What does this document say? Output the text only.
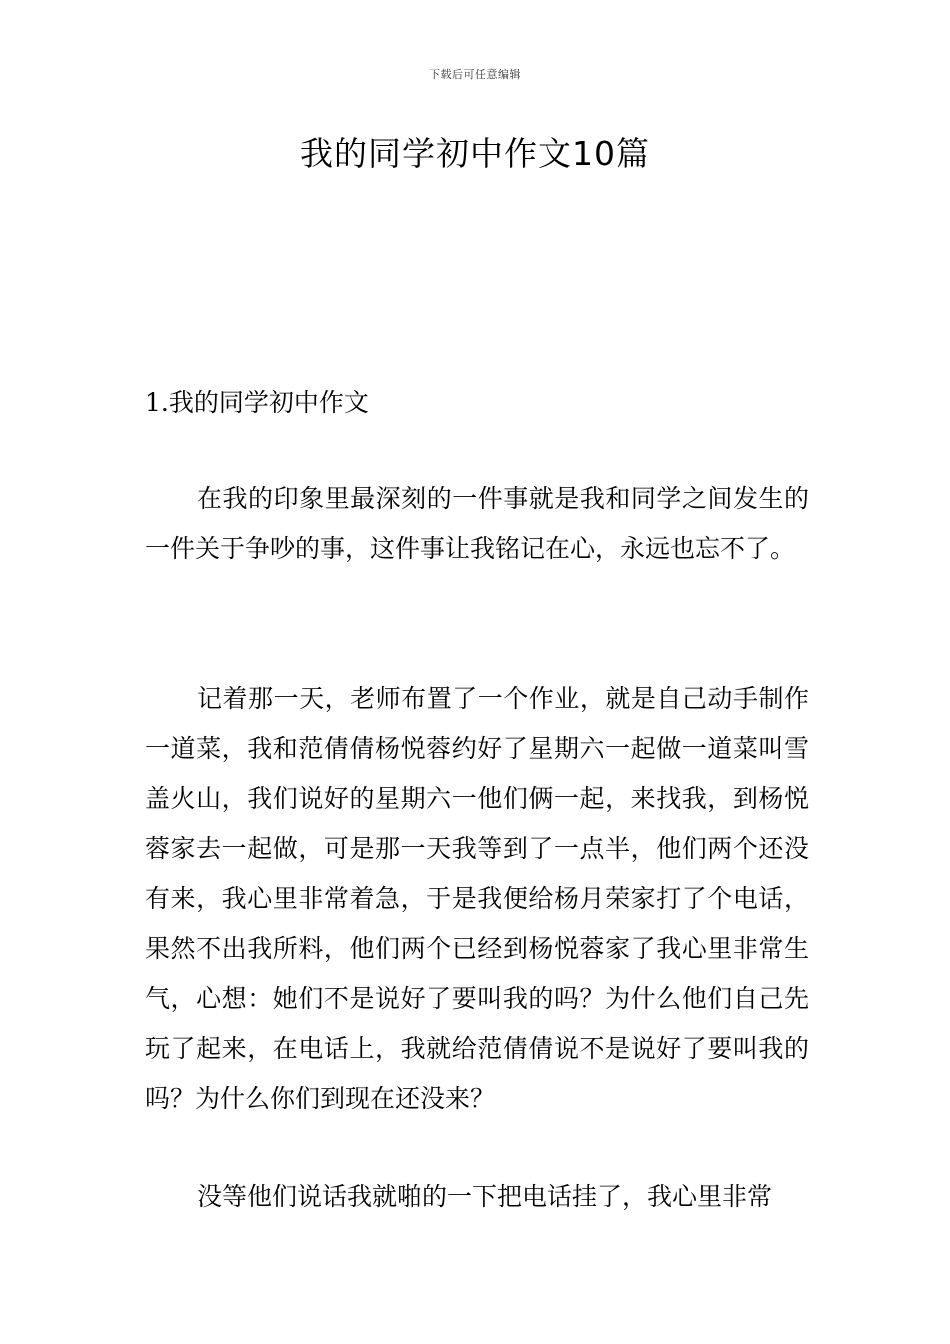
下载后可任意编辑
我的同学初中作文10篇
1.我的同学初中作文

在我的印象里最深刻的一件事就是我和同学之间发生的一件关于争吵的事，这件事让我铭记在心，永远也忘不了。

记着那一天，老师布置了一个作业，就是自己动手制作一道菜，我和范倩倩杨悦蓉约好了星期六一起做一道菜叫雪盖火山，我们说好的星期六一他们俩一起，来找我，到杨悦蓉家去一起做，可是那一天我等到了一点半，他们两个还没有来，我心里非常着急，于是我便给杨月荣家打了个电话，果然不出我所料，他们两个已经到杨悦蓉家了我心里非常生气，心想：她们不是说好了要叫我的吗？为什么他们自己先玩了起来，在电话上，我就给范倩倩说不是说好了要叫我的吗？为什么你们到现在还没来？

没等他们说话我就啪的一下把电话挂了，我心里非常
